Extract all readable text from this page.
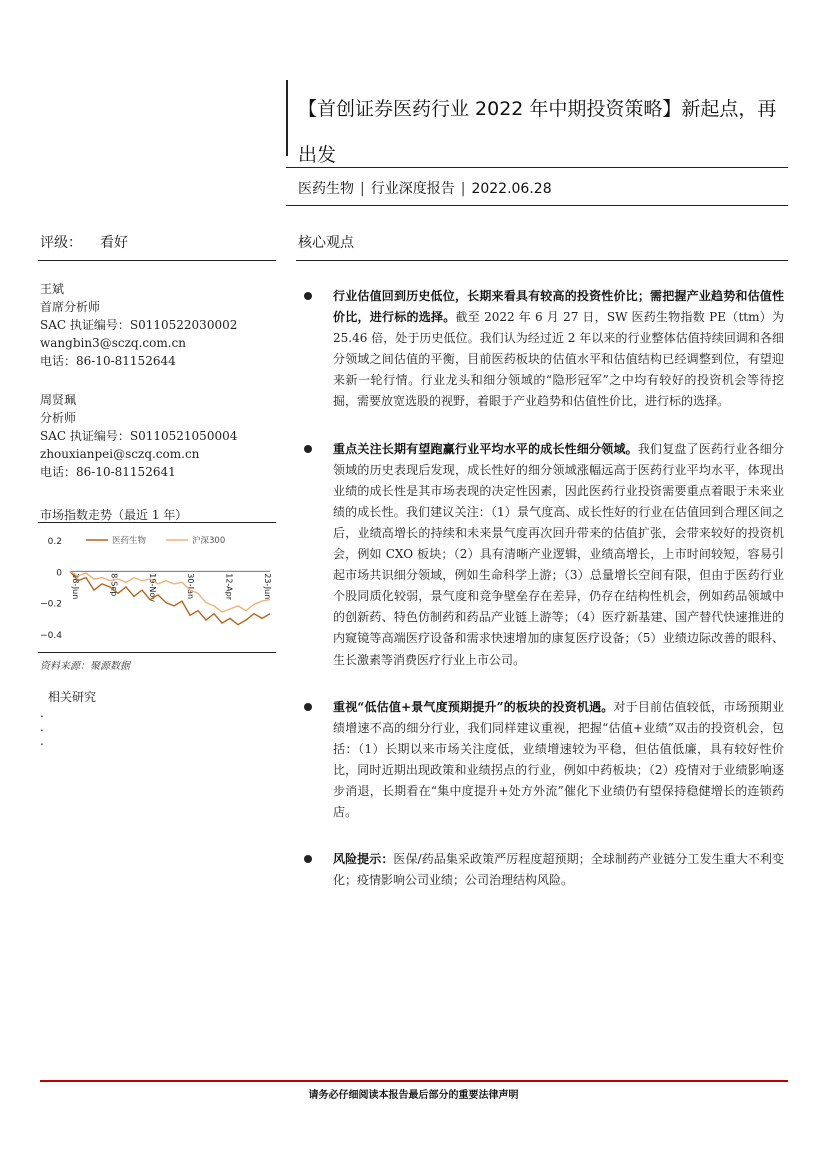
【首创证券医药行业 2022 年中期投资策略】新起点，再出发
医药生物 | 行业深度报告 | 2022.06.28
评级： 看好	核心观点
王斌
首席分析师
SAC 执证编号：S0110522030002
wangbin3@sczq.com.cn
电话：86-10-81152644
周贤珮
分析师
SAC 执证编号：S0110521050004
zhouxianpei@sczq.com.cn
电话：86-10-81152641
市场指数走势（最近 1 年）
0.2
0
−0.2
−0.4
28-Jun	8-Sep	19-Nov	30-Jan	12-Apr	23-Jun
医药生物	沪深300
资料来源：聚源数据
相关研究
.
.
.
行业估值回到历史低位，长期来看具有较高的投资性价比；需把握产业趋势和估值性价比，进行标的选择。截至 2022 年 6 月 27 日，SW 医药生物指数 PE（ttm）为 25.46 倍，处于历史低位。我们认为经过近 2 年以来的行业整体估值持续回调和各细分领域之间估值的平衡，目前医药板块的估值水平和估值结构已经调整到位，有望迎来新一轮行情。行业龙头和细分领域的“隐形冠军”之中均有较好的投资机会等待挖掘，需要放宽选股的视野，着眼于产业趋势和估值性价比，进行标的选择。
重点关注长期有望跑赢行业平均水平的成长性细分领域。我们复盘了医药行业各细分领域的历史表现后发现，成长性好的细分领域涨幅远高于医药行业平均水平，体现出业绩的成长性是其市场表现的决定性因素，因此医药行业投资需要重点着眼于未来业绩的成长性。我们建议关注：（1）景气度高、成长性好的行业在估值回到合理区间之后，业绩高增长的持续和未来景气度再次回升带来的估值扩张，会带来较好的投资机会，例如 CXO 板块；（2）具有清晰产业逻辑，业绩高增长，上市时间较短，容易引起市场共识细分领域，例如生命科学上游；（3）总量增长空间有限，但由于医药行业个股同质化较弱，景气度和竞争壁垒存在差异，仍存在结构性机会，例如药品领域中的创新药、特色仿制药和药品产业链上游等；（4）医疗新基建、国产替代快速推进的内窥镜等高端医疗设备和需求快速增加的康复医疗设备；（5）业绩边际改善的眼科、生长激素等消费医疗行业上市公司。
重视“低估值+景气度预期提升”的板块的投资机遇。对于目前估值较低，市场预期业绩增速不高的细分行业，我们同样建议重视，把握“估值+业绩”双击的投资机会，包括：（1）长期以来市场关注度低，业绩增速较为平稳，但估值低廉，具有较好性价比，同时近期出现政策和业绩拐点的行业，例如中药板块；（2）疫情对于业绩影响逐步消退，长期看在“集中度提升+处方外流”催化下业绩仍有望保持稳健增长的连锁药店。
风险提示：医保/药品集采政策严厉程度超预期；全球制药产业链分工发生重大不利变化；疫情影响公司业绩；公司治理结构风险。
请务必仔细阅读本报告最后部分的重要法律声明
